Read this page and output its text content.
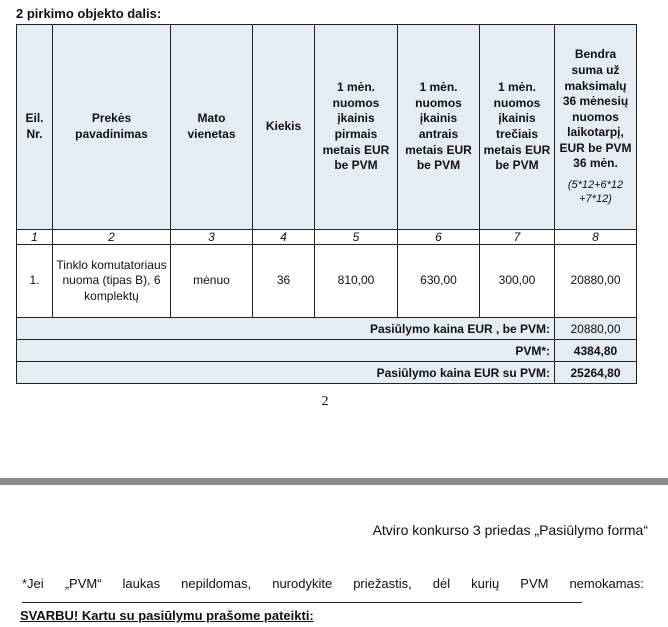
2 pirkimo objekto dalis:
Eil. Nr.	Prekės pavadinimas	Mato vienetas	Kiekis	1 mėn. nuomos įkainis pirmais metais EUR be PVM	1 mėn. nuomos įkainis antrais metais EUR be PVM	1 mėn. nuomos įkainis trečiais metais EUR be PVM	Bendra suma už maksimalų 36 mėnesių nuomos laikotarpį, EUR be PVM 36 mėn.
(5*12+6*12 +7*12)

1	2	3	4	5	6	7	8
1.	Tinklo komutatoriaus nuoma (tipas B), 6 komplektų	mėnuo	36	810,00	630,00	300,00	20880,00
Pasiūlymo kaina EUR , be PVM:							20880,00
PVM*:							4384,80
Pasiūlymo kaina EUR su PVM:							25264,80
2
Atviro konkurso 3 priedas „Pasiūlymo forma“
*Jei „PVM“ laukas nepildomas, nurodykite priežastis, dėl kurių PVM nemokamas:
SVARBU! Kartu su pasiūlymu prašome pateikti:
